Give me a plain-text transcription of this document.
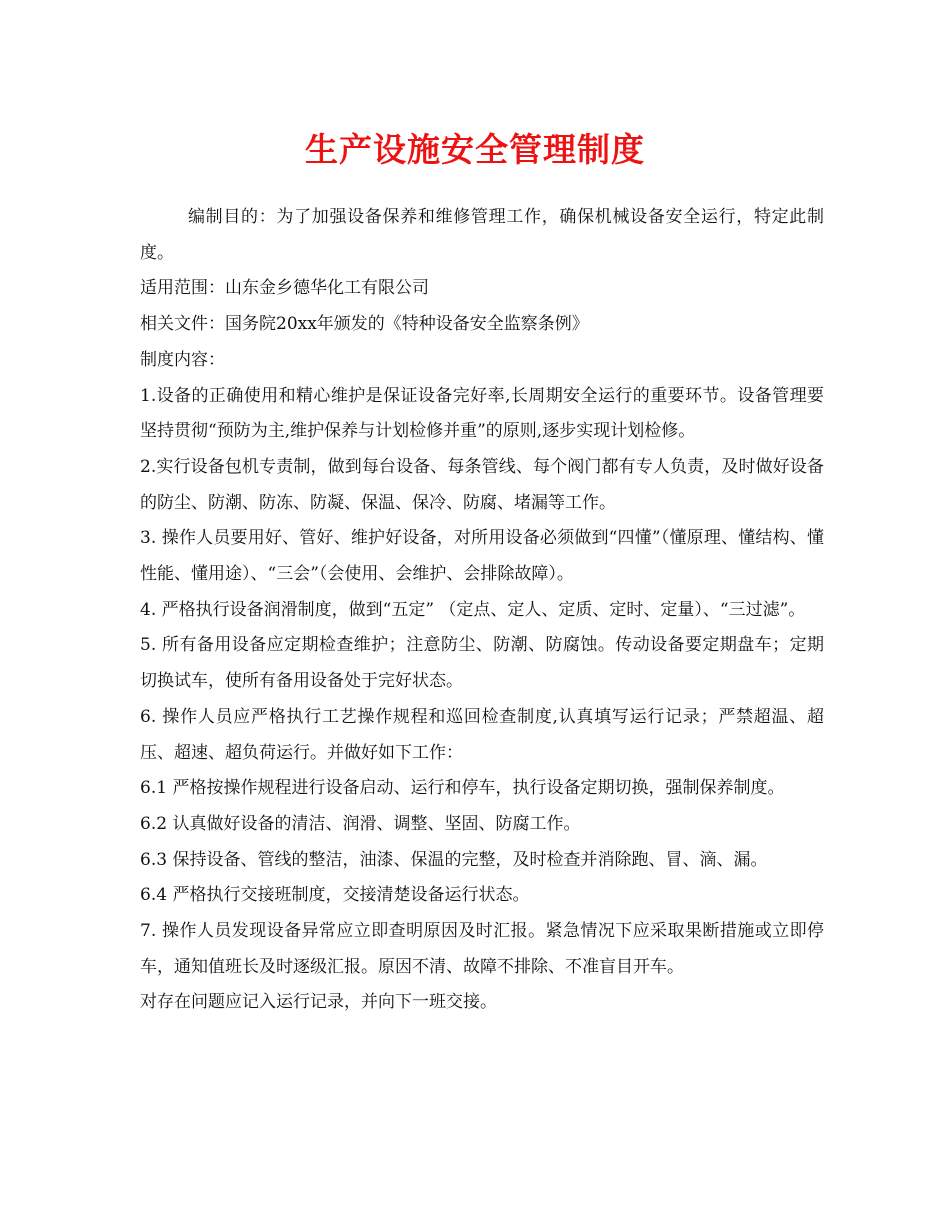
生产设施安全管理制度

编制目的：为了加强设备保养和维修管理工作，确保机械设备安全运行，特定此制度。

适用范围：山东金乡德华化工有限公司

相关文件：国务院20xx年颁发的《特种设备安全监察条例》

制度内容：

1.设备的正确使用和精心维护是保证设备完好率,长周期安全运行的重要环节。设备管理要坚持贯彻“预防为主,维护保养与计划检修并重”的原则,逐步实现计划检修。

2.实行设备包机专责制，做到每台设备、每条管线、每个阀门都有专人负责，及时做好设备的防尘、防潮、防冻、防凝、保温、保冷、防腐、堵漏等工作。

3. 操作人员要用好、管好、维护好设备，对所用设备必须做到“四懂”（懂原理、懂结构、懂性能、懂用途）、“三会”（会使用、会维护、会排除故障）。

4. 严格执行设备润滑制度，做到“五定” （定点、定人、定质、定时、定量）、“三过滤”。

5. 所有备用设备应定期检查维护；注意防尘、防潮、防腐蚀。传动设备要定期盘车；定期切换试车，使所有备用设备处于完好状态。

6. 操作人员应严格执行工艺操作规程和巡回检查制度,认真填写运行记录；严禁超温、超压、超速、超负荷运行。并做好如下工作：

6.1 严格按操作规程进行设备启动、运行和停车，执行设备定期切换，强制保养制度。

6.2 认真做好设备的清洁、润滑、调整、坚固、防腐工作。

6.3 保持设备、管线的整洁，油漆、保温的完整，及时检查并消除跑、冒、滴、漏。

6.4 严格执行交接班制度，交接清楚设备运行状态。

7. 操作人员发现设备异常应立即查明原因及时汇报。紧急情况下应采取果断措施或立即停车，通知值班长及时逐级汇报。原因不清、故障不排除、不准盲目开车。

对存在问题应记入运行记录，并向下一班交接。
